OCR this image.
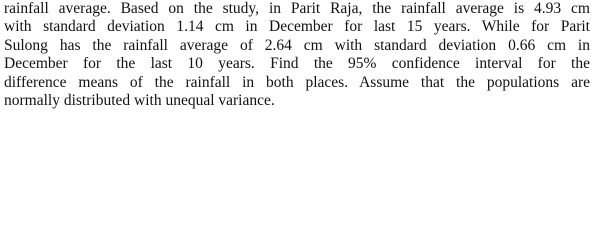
rainfall average. Based on the study, in Parit Raja, the rainfall average is 4.93 cm
with standard deviation 1.14 cm in December for last 15 years. While for Parit
Sulong has the rainfall average of 2.64 cm with standard deviation 0.66 cm in
December for the last 10 years. Find the 95% confidence interval for the
difference means of the rainfall in both places. Assume that the populations are
normally distributed with unequal variance.
